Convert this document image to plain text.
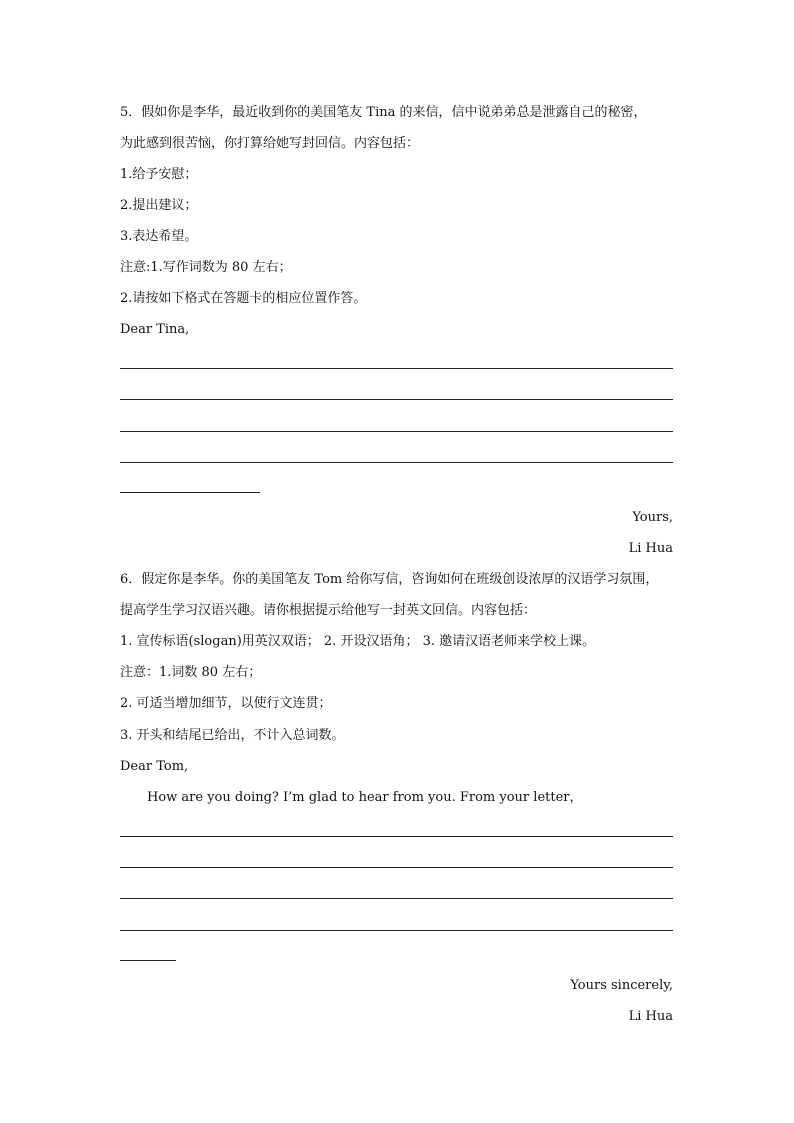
5．假如你是李华，最近收到你的美国笔友 Tina 的来信，信中说弟弟总是泄露自己的秘密，
为此感到很苦恼，你打算给她写封回信。内容包括：
1.给予安慰；
2.提出建议；
3.表达希望。
注意:1.写作词数为 80 左右；
2.请按如下格式在答题卡的相应位置作答。
Dear Tina,
Yours,
Li Hua
6．假定你是李华。你的美国笔友 Tom 给你写信，咨询如何在班级创设浓厚的汉语学习氛围，
提高学生学习汉语兴趣。请你根据提示给他写一封英文回信。内容包括：
1. 宣传标语(slogan)用英汉双语； 2. 开设汉语角； 3. 邀请汉语老师来学校上课。
注意：1.词数 80 左右；
2. 可适当增加细节，以使行文连贯；
3. 开头和结尾已给出，不计入总词数。
Dear Tom,
How are you doing? I’m glad to hear from you. From your letter，
Yours sincerely,
Li Hua
